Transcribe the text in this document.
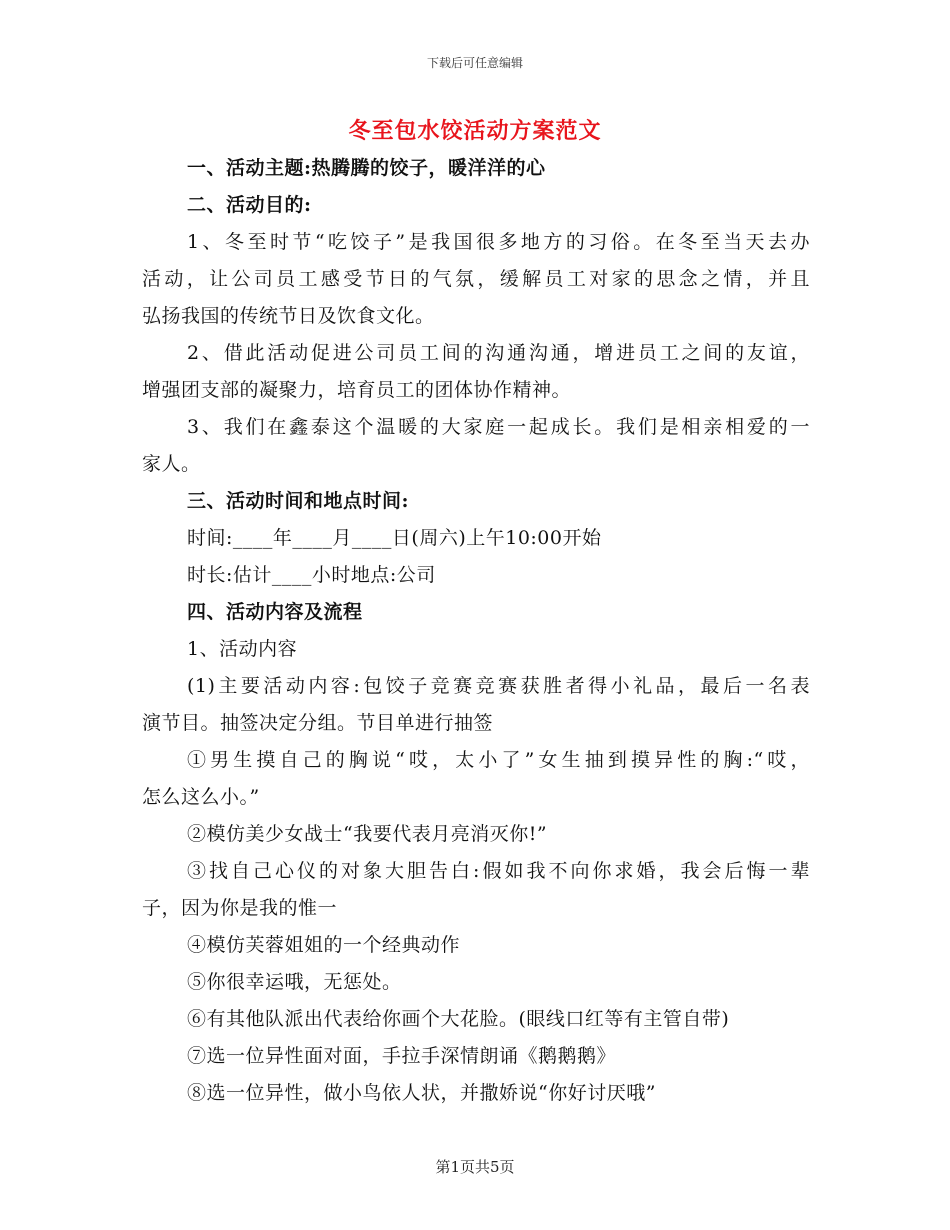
下载后可任意编辑
冬至包水饺活动方案范文
一、活动主题:热腾腾的饺子，暖洋洋的心
二、活动目的:
1、冬至时节“吃饺子”是我国很多地方的习俗。在冬至当天去办
活动，让公司员工感受节日的气氛，缓解员工对家的思念之情，并且
弘扬我国的传统节日及饮食文化。
2、借此活动促进公司员工间的沟通沟通，增进员工之间的友谊，
增强团支部的凝聚力，培育员工的团体协作精神。
3、我们在鑫泰这个温暖的大家庭一起成长。我们是相亲相爱的一
家人。
三、活动时间和地点时间:
时间:____年____月____日(周六)上午10:00开始
时长:估计____小时地点:公司
四、活动内容及流程
1、活动内容
(1)主要活动内容:包饺子竞赛竞赛获胜者得小礼品，最后一名表
演节目。抽签决定分组。节目单进行抽签
①男生摸自己的胸说“哎，太小了”女生抽到摸异性的胸:“哎，
怎么这么小。”
②模仿美少女战士“我要代表月亮消灭你!”
③找自己心仪的对象大胆告白:假如我不向你求婚，我会后悔一辈
子，因为你是我的惟一
④模仿芙蓉姐姐的一个经典动作
⑤你很幸运哦，无惩处。
⑥有其他队派出代表给你画个大花脸。(眼线口红等有主管自带)
⑦选一位异性面对面，手拉手深情朗诵《鹅鹅鹅》
⑧选一位异性，做小鸟依人状，并撒娇说“你好讨厌哦”
第1页共5页
